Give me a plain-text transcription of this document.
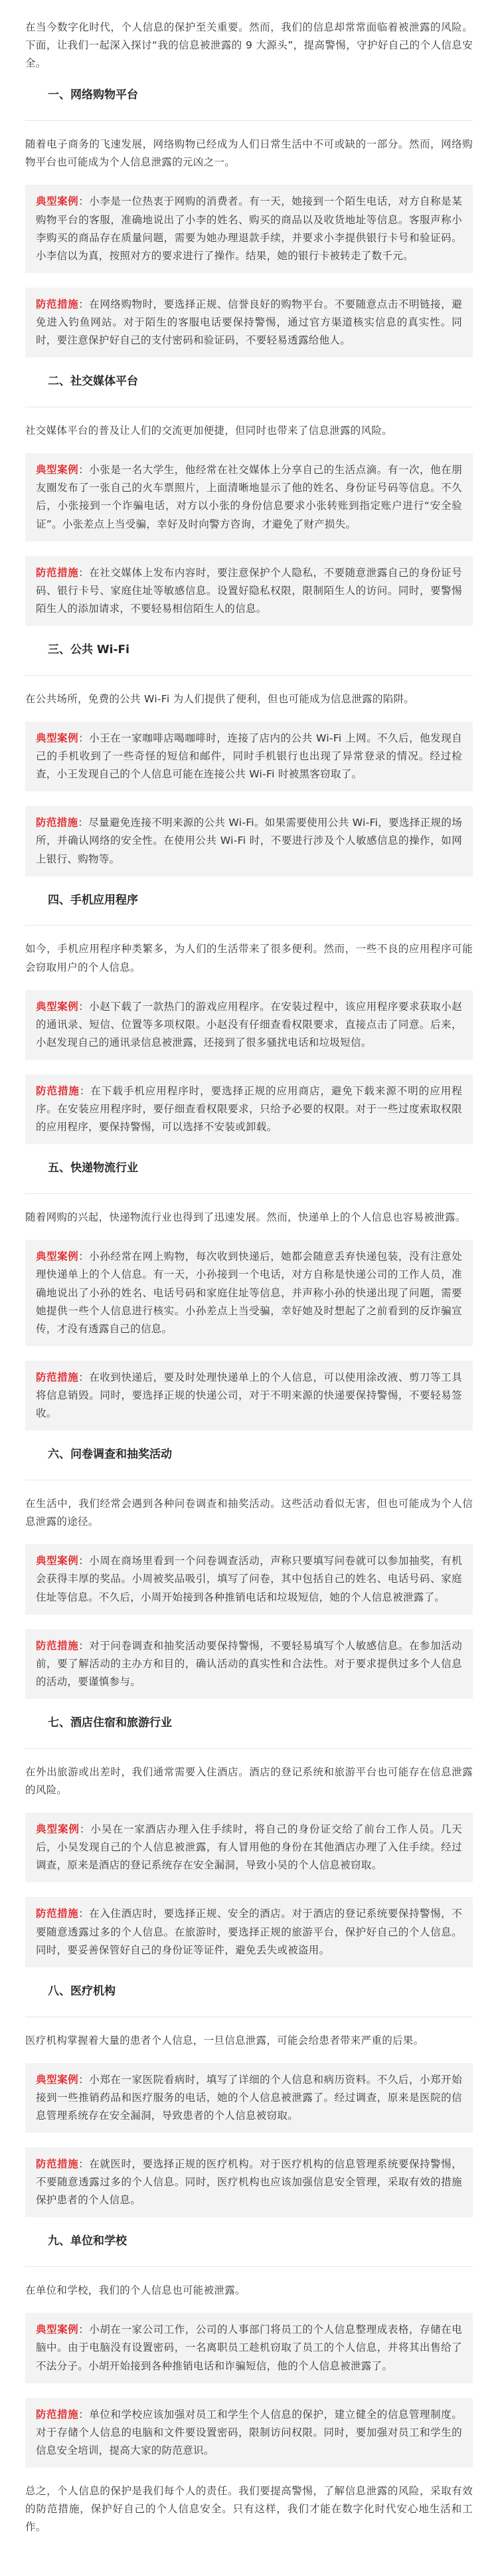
在当今数字化时代，个人信息的保护至关重要。然而，我们的信息却常常面临着被泄露的风险。下面，让我们一起深入探讨“我的信息被泄露的 9 大源头”，提高警惕，守护好自己的个人信息安全。

一、网络购物平台

随着电子商务的飞速发展，网络购物已经成为人们日常生活中不可或缺的一部分。然而，网络购物平台也可能成为个人信息泄露的元凶之一。

典型案例：小李是一位热衷于网购的消费者。有一天，她接到一个陌生电话，对方自称是某购物平台的客服，准确地说出了小李的姓名、购买的商品以及收货地址等信息。客服声称小李购买的商品存在质量问题，需要为她办理退款手续，并要求小李提供银行卡号和验证码。小李信以为真，按照对方的要求进行了操作。结果，她的银行卡被转走了数千元。
防范措施：在网络购物时，要选择正规、信誉良好的购物平台。不要随意点击不明链接，避免进入钓鱼网站。对于陌生的客服电话要保持警惕，通过官方渠道核实信息的真实性。同时，要注意保护好自己的支付密码和验证码，不要轻易透露给他人。
二、社交媒体平台

社交媒体平台的普及让人们的交流更加便捷，但同时也带来了信息泄露的风险。

典型案例：小张是一名大学生，他经常在社交媒体上分享自己的生活点滴。有一次，他在朋友圈发布了一张自己的火车票照片，上面清晰地显示了他的姓名、身份证号码等信息。不久后，小张接到一个诈骗电话，对方以小张的身份信息要求小张转账到指定账户进行“安全验证”。小张差点上当受骗，幸好及时向警方咨询，才避免了财产损失。
防范措施：在社交媒体上发布内容时，要注意保护个人隐私，不要随意泄露自己的身份证号码、银行卡号、家庭住址等敏感信息。设置好隐私权限，限制陌生人的访问。同时，要警惕陌生人的添加请求，不要轻易相信陌生人的信息。
三、公共 Wi-Fi

在公共场所，免费的公共 Wi-Fi 为人们提供了便利，但也可能成为信息泄露的陷阱。

典型案例：小王在一家咖啡店喝咖啡时，连接了店内的公共 Wi-Fi 上网。不久后，他发现自己的手机收到了一些奇怪的短信和邮件，同时手机银行也出现了异常登录的情况。经过检查，小王发现自己的个人信息可能在连接公共 Wi-Fi 时被黑客窃取了。
防范措施：尽量避免连接不明来源的公共 Wi-Fi。如果需要使用公共 Wi-Fi，要选择正规的场所，并确认网络的安全性。在使用公共 Wi-Fi 时，不要进行涉及个人敏感信息的操作，如网上银行、购物等。
四、手机应用程序

如今，手机应用程序种类繁多，为人们的生活带来了很多便利。然而，一些不良的应用程序可能会窃取用户的个人信息。

典型案例：小赵下载了一款热门的游戏应用程序。在安装过程中，该应用程序要求获取小赵的通讯录、短信、位置等多项权限。小赵没有仔细查看权限要求，直接点击了同意。后来，小赵发现自己的通讯录信息被泄露，还接到了很多骚扰电话和垃圾短信。
防范措施：在下载手机应用程序时，要选择正规的应用商店，避免下载来源不明的应用程序。在安装应用程序时，要仔细查看权限要求，只给予必要的权限。对于一些过度索取权限的应用程序，要保持警惕，可以选择不安装或卸载。
五、快递物流行业

随着网购的兴起，快递物流行业也得到了迅速发展。然而，快递单上的个人信息也容易被泄露。

典型案例：小孙经常在网上购物，每次收到快递后，她都会随意丢弃快递包装，没有注意处理快递单上的个人信息。有一天，小孙接到一个电话，对方自称是快递公司的工作人员，准确地说出了小孙的姓名、电话号码和家庭住址等信息，并声称小孙的快递出现了问题，需要她提供一些个人信息进行核实。小孙差点上当受骗，幸好她及时想起了之前看到的反诈骗宣传，才没有透露自己的信息。
防范措施：在收到快递后，要及时处理快递单上的个人信息，可以使用涂改液、剪刀等工具将信息销毁。同时，要选择正规的快递公司，对于不明来源的快递要保持警惕，不要轻易签收。
六、问卷调查和抽奖活动

在生活中，我们经常会遇到各种问卷调查和抽奖活动。这些活动看似无害，但也可能成为个人信息泄露的途径。

典型案例：小周在商场里看到一个问卷调查活动，声称只要填写问卷就可以参加抽奖，有机会获得丰厚的奖品。小周被奖品吸引，填写了问卷，其中包括自己的姓名、电话号码、家庭住址等信息。不久后，小周开始接到各种推销电话和垃圾短信，她的个人信息被泄露了。
防范措施：对于问卷调查和抽奖活动要保持警惕，不要轻易填写个人敏感信息。在参加活动前，要了解活动的主办方和目的，确认活动的真实性和合法性。对于要求提供过多个人信息的活动，要谨慎参与。
七、酒店住宿和旅游行业

在外出旅游或出差时，我们通常需要入住酒店。酒店的登记系统和旅游平台也可能存在信息泄露的风险。

典型案例：小吴在一家酒店办理入住手续时，将自己的身份证交给了前台工作人员。几天后，小吴发现自己的个人信息被泄露，有人冒用他的身份在其他酒店办理了入住手续。经过调查，原来是酒店的登记系统存在安全漏洞，导致小吴的个人信息被窃取。
防范措施：在入住酒店时，要选择正规、安全的酒店。对于酒店的登记系统要保持警惕，不要随意透露过多的个人信息。在旅游时，要选择正规的旅游平台，保护好自己的个人信息。同时，要妥善保管好自己的身份证等证件，避免丢失或被盗用。
八、医疗机构

医疗机构掌握着大量的患者个人信息，一旦信息泄露，可能会给患者带来严重的后果。

典型案例：小郑在一家医院看病时，填写了详细的个人信息和病历资料。不久后，小郑开始接到一些推销药品和医疗服务的电话，她的个人信息被泄露了。经过调查，原来是医院的信息管理系统存在安全漏洞，导致患者的个人信息被窃取。
防范措施：在就医时，要选择正规的医疗机构。对于医疗机构的信息管理系统要保持警惕，不要随意透露过多的个人信息。同时，医疗机构也应该加强信息安全管理，采取有效的措施保护患者的个人信息。
九、单位和学校

在单位和学校，我们的个人信息也可能被泄露。

典型案例：小胡在一家公司工作，公司的人事部门将员工的个人信息整理成表格，存储在电脑中。由于电脑没有设置密码，一名离职员工趁机窃取了员工的个人信息，并将其出售给了不法分子。小胡开始接到各种推销电话和诈骗短信，他的个人信息被泄露了。
防范措施：单位和学校应该加强对员工和学生个人信息的保护，建立健全的信息管理制度。对于存储个人信息的电脑和文件要设置密码，限制访问权限。同时，要加强对员工和学生的信息安全培训，提高大家的防范意识。

总之，个人信息的保护是我们每个人的责任。我们要提高警惕，了解信息泄露的风险，采取有效的防范措施，保护好自己的个人信息安全。只有这样，我们才能在数字化时代安心地生活和工作。
